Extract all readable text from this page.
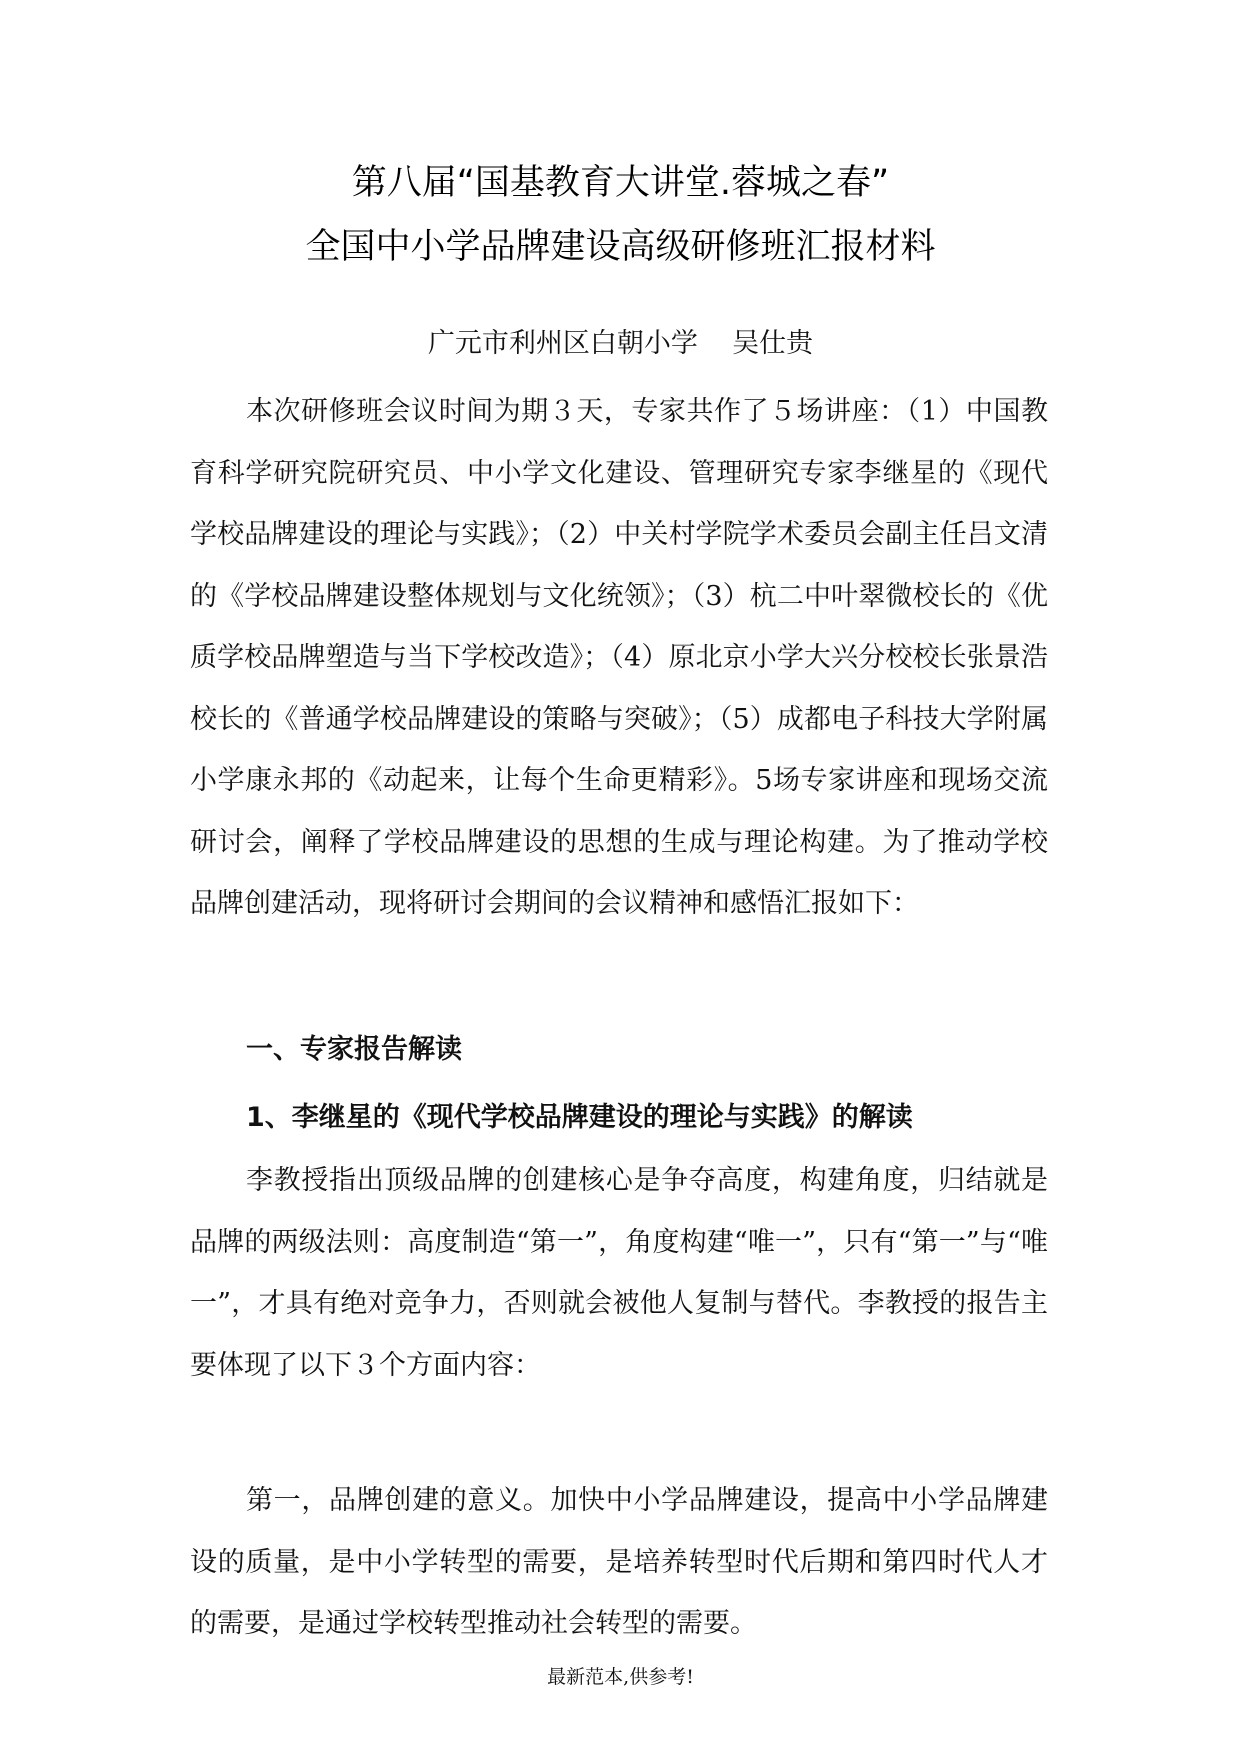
第八届“国基教育大讲堂.蓉城之春”
全国中小学品牌建设高级研修班汇报材料
广元市利州区白朝小学    吴仕贵

本次研修班会议时间为期３天，专家共作了５场讲座：（1）中国教育科学研究院研究员、中小学文化建设、管理研究专家李继星的《现代学校品牌建设的理论与实践》；（2）中关村学院学术委员会副主任吕文清的《学校品牌建设整体规划与文化统领》；（3）杭二中叶翠微校长的《优质学校品牌塑造与当下学校改造》；（4）原北京小学大兴分校校长张景浩校长的《普通学校品牌建设的策略与突破》；（5）成都电子科技大学附属小学康永邦的《动起来，让每个生命更精彩》。5场专家讲座和现场交流研讨会，阐释了学校品牌建设的思想的生成与理论构建。为了推动学校品牌创建活动，现将研讨会期间的会议精神和感悟汇报如下：

一、专家报告解读
1、李继星的《现代学校品牌建设的理论与实践》的解读

李教授指出顶级品牌的创建核心是争夺高度，构建角度，归结就是品牌的两级法则：高度制造“第一”，角度构建“唯一”，只有“第一”与“唯一”，才具有绝对竞争力，否则就会被他人复制与替代。李教授的报告主要体现了以下３个方面内容：

第一，品牌创建的意义。加快中小学品牌建设，提高中小学品牌建设的质量，是中小学转型的需要，是培养转型时代后期和第四时代人才的需要，是通过学校转型推动社会转型的需要。

最新范本,供参考!
